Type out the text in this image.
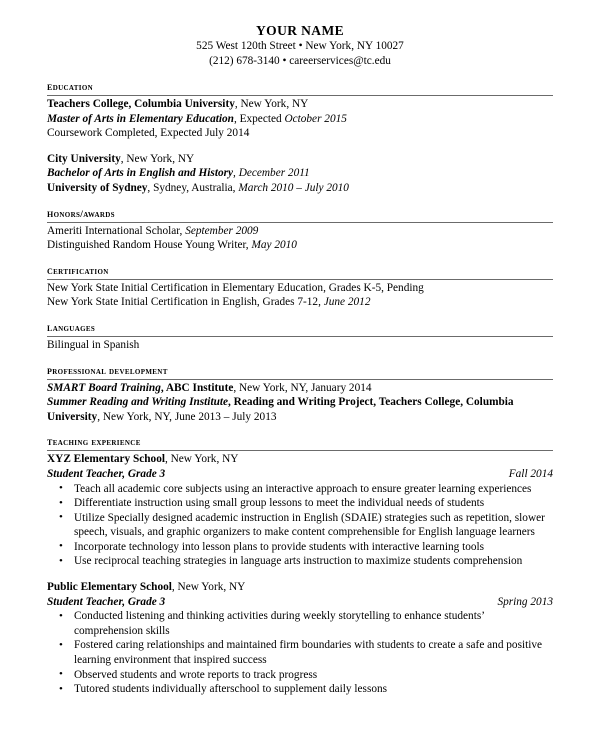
YOUR NAME
525 West 120th Street • New York, NY 10027
(212) 678-3140 • careerservices@tc.edu
education
Teachers College, Columbia University, New York, NY
Master of Arts in Elementary Education, Expected October 2015
Coursework Completed, Expected July 2014
City University, New York, NY
Bachelor of Arts in English and History, December 2011
University of Sydney, Sydney, Australia, March 2010 – July 2010
honors/awards
Ameriti International Scholar, September 2009
Distinguished Random House Young Writer, May 2010
certification
New York State Initial Certification in Elementary Education, Grades K-5, Pending
New York State Initial Certification in English, Grades 7-12, June 2012
languages
Bilingual in Spanish
professional development
SMART Board Training, ABC Institute, New York, NY, January 2014
Summer Reading and Writing Institute, Reading and Writing Project, Teachers College, Columbia University, New York, NY, June 2013 – July 2013
teaching experience
XYZ Elementary School, New York, NY
Student Teacher, Grade 3	Fall 2014
• Teach all academic core subjects using an interactive approach to ensure greater learning experiences
• Differentiate instruction using small group lessons to meet the individual needs of students
• Utilize Specially designed academic instruction in English (SDAIE) strategies such as repetition, slower speech, visuals, and graphic organizers to make content comprehensible for English language learners
• Incorporate technology into lesson plans to provide students with interactive learning tools
• Use reciprocal teaching strategies in language arts instruction to maximize students comprehension
Public Elementary School, New York, NY
Student Teacher, Grade 3	Spring 2013
• Conducted listening and thinking activities during weekly storytelling to enhance students’ comprehension skills
• Fostered caring relationships and maintained firm boundaries with students to create a safe and positive learning environment that inspired success
• Observed students and wrote reports to track progress
• Tutored students individually afterschool to supplement daily lessons
